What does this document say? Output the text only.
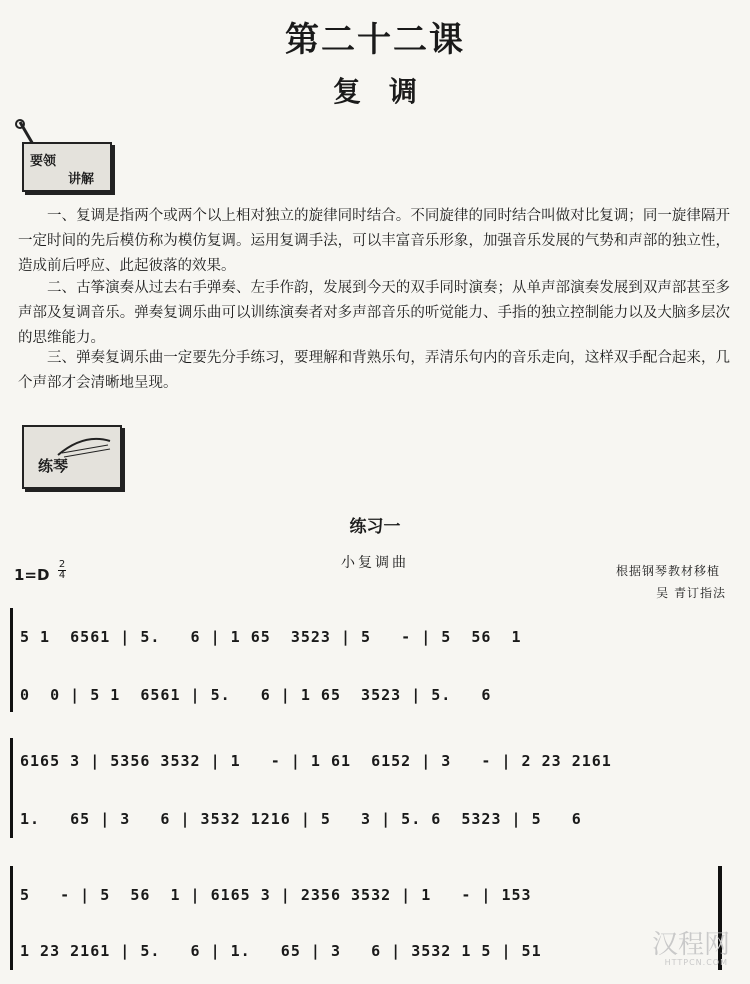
第二十二课
复调
要领
讲解
一、复调是指两个或两个以上相对独立的旋律同时结合。不同旋律的同时结合叫做对比复调；同一旋律隔开一定时间的先后模仿称为模仿复调。运用复调手法，可以丰富音乐形象，加强音乐发展的气势和声部的独立性，造成前后呼应、此起彼落的效果。
二、古筝演奏从过去右手弹奏、左手作韵，发展到今天的双手同时演奏；从单声部演奏发展到双声部甚至多声部及复调音乐。弹奏复调乐曲可以训练演奏者对多声部音乐的听觉能力、手指的独立控制能力以及大脑多层次的思维能力。
三、弹奏复调乐曲一定要先分手练习，要理解和背熟乐句，弄清乐句内的音乐走向，这样双手配合起来，几个声部才会清晰地呈现。
练琴
练习一
小复调曲
1=D
2
4	根据钢琴教材移植
吴 青订指法
5 1  6561 | 5.   6 | 1 65  3523 | 5   - | 5  56  1
0  0 | 5 1  6561 | 5.   6 | 1 65  3523 | 5.   6
6165 3 | 5356 3532 | 1   - | 1 61  6152 | 3   - | 2 23 2161
1.   65 | 3   6 | 3532 1216 | 5   3 | 5. 6  5323 | 5   6
5   - | 5  56  1 | 6165 3 | 2356 3532 | 1   - | 153
1 23 2161 | 5.   6 | 1.   65 | 3   6 | 3532 1 5 | 51	汉程网
HTTPCN.COM
